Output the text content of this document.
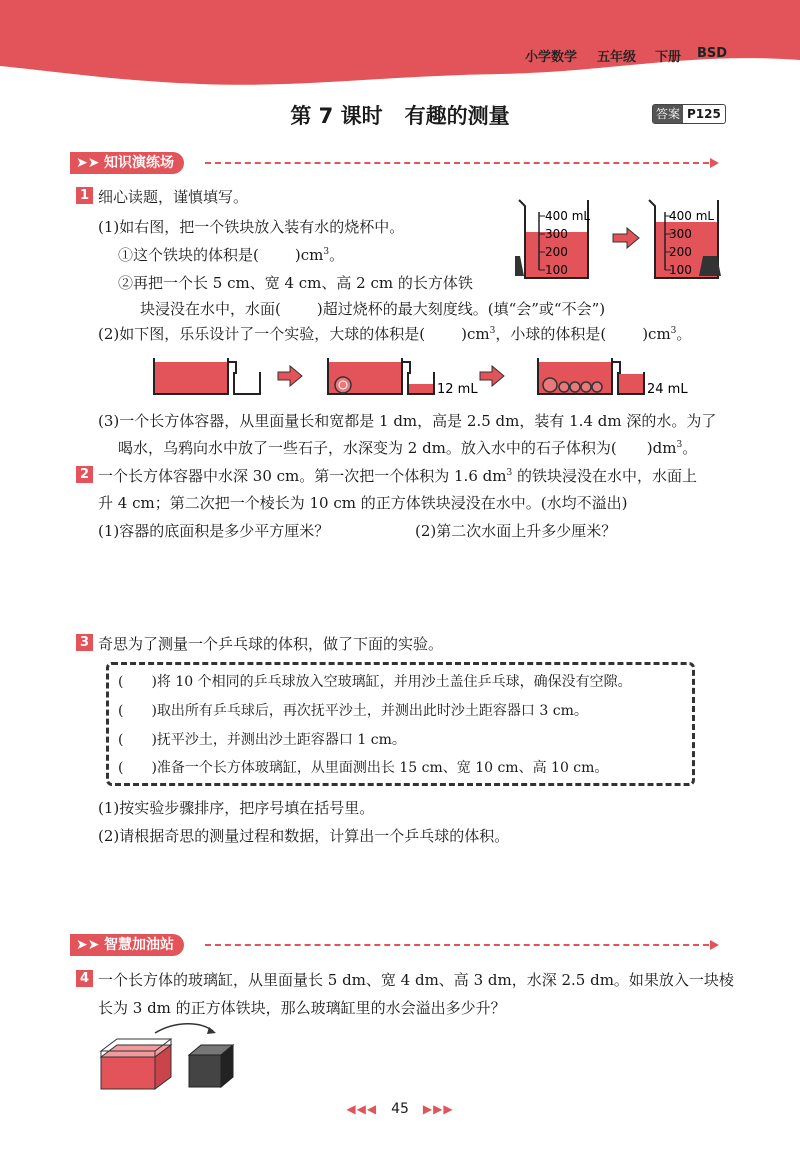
小学数学 五年级 下册 BSD
第 7 课时 有趣的测量	答案 P125
➤➤ 知识演练场
1 细心读题，谨慎填写。
(1)如右图，把一个铁块放入装有水的烧杯中。
①这个铁块的体积是( )$cm^3$。
②再把一个长 5 cm、宽 4 cm、高 2 cm 的长方体铁
块浸没在水中，水面( )超过烧杯的最大刻度线。(填“会”或“不会”)
400 mL
300
200
100
400 mL
300
200
100
(2)如下图，乐乐设计了一个实验，大球的体积是( )$cm^3$，小球的体积是( )$cm^3$。
12 mL	24 mL
(3)一个长方体容器，从里面量长和宽都是 1 dm，高是 2.5 dm，装有 1.4 dm 深的水。为了
喝水，乌鸦向水中放了一些石子，水深变为 2 dm。放入水中的石子体积为( )$dm^3$。
2 一个长方体容器中水深 30 cm。第一次把一个体积为 1.6 $dm^3$ 的铁块浸没在水中，水面上
升 4 cm；第二次把一个棱长为 10 cm 的正方体铁块浸没在水中。(水均不溢出)
(1)容器的底面积是多少平方厘米？	(2)第二次水面上升多少厘米？
3 奇思为了测量一个乒乓球的体积，做了下面的实验。
(　　)将 10 个相同的乒乓球放入空玻璃缸，并用沙土盖住乒乓球，确保没有空隙。
(　　)取出所有乒乓球后，再次抚平沙土，并测出此时沙土距容器口 3 cm。
(　　)抚平沙土，并测出沙土距容器口 1 cm。
(　　)准备一个长方体玻璃缸，从里面测出长 15 cm、宽 10 cm、高 10 cm。
(1)按实验步骤排序，把序号填在括号里。
(2)请根据奇思的测量过程和数据，计算出一个乒乓球的体积。
➤➤ 智慧加油站
4 一个长方体的玻璃缸，从里面量长 5 dm、宽 4 dm、高 3 dm，水深 2.5 dm。如果放入一块棱
长为 3 dm 的正方体铁块，那么玻璃缸里的水会溢出多少升？
◀◀◀ 45 ▶▶▶
